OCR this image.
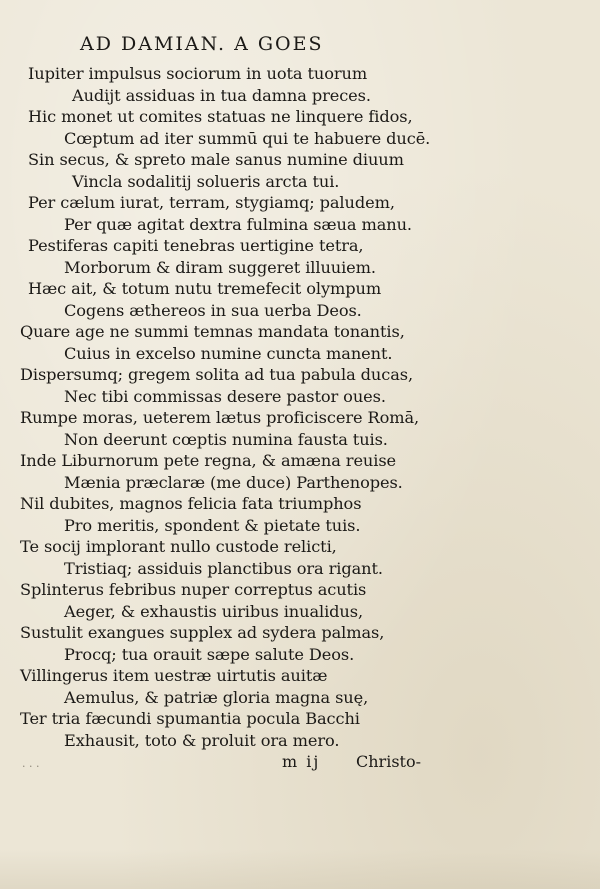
AD DAMIAN. A GOES
Iupiter impulsus sociorum in uota tuorum
Audijt assiduas in tua damna preces.
Hic monet ut comites statuas ne linquere fidos,
Cœptum ad iter summū qui te habuere ducē.
Sin secus, & spreto male sanus numine diuum
Vincla sodalitij solueris arcta tui.
Per cælum iurat, terram, stygiamq; paludem,
Per quæ agitat dextra fulmina sæua manu.
Pestiferas capiti tenebras uertigine tetra,
Morborum & diram suggeret illuuiem.
Hæc ait, & totum nutu tremefecit olympum
Cogens æthereos in sua uerba Deos.
Quare age ne summi temnas mandata tonantis,
Cuius in excelso numine cuncta manent.
Dispersumq; gregem solita ad tua pabula ducas,
Nec tibi commissas desere pastor oues.
Rumpe moras, ueterem lætus proficiscere Romā,
Non deerunt cœptis numina fausta tuis.
Inde Liburnorum pete regna, & amæna reuise
Mænia præclaræ (me duce) Parthenopes.
Nil dubites, magnos felicia fata triumphos
Pro meritis, spondent & pietate tuis.
Te socij implorant nullo custode relicti,
Tristiaq; assiduis planctibus ora rigant.
Splinterus febribus nuper correptus acutis
Aeger, & exhaustis uiribus inualidus,
Sustulit exangues supplex ad sydera palmas,
Procq; tua orauit sæpe salute Deos.
Villingerus item uestræ uirtutis auitæ
Aemulus, & patriæ gloria magna suę,
Ter tria fæcundi spumantia pocula Bacchi
Exhausit, toto & proluit ora mero.
m ij Christo-
· · ·
